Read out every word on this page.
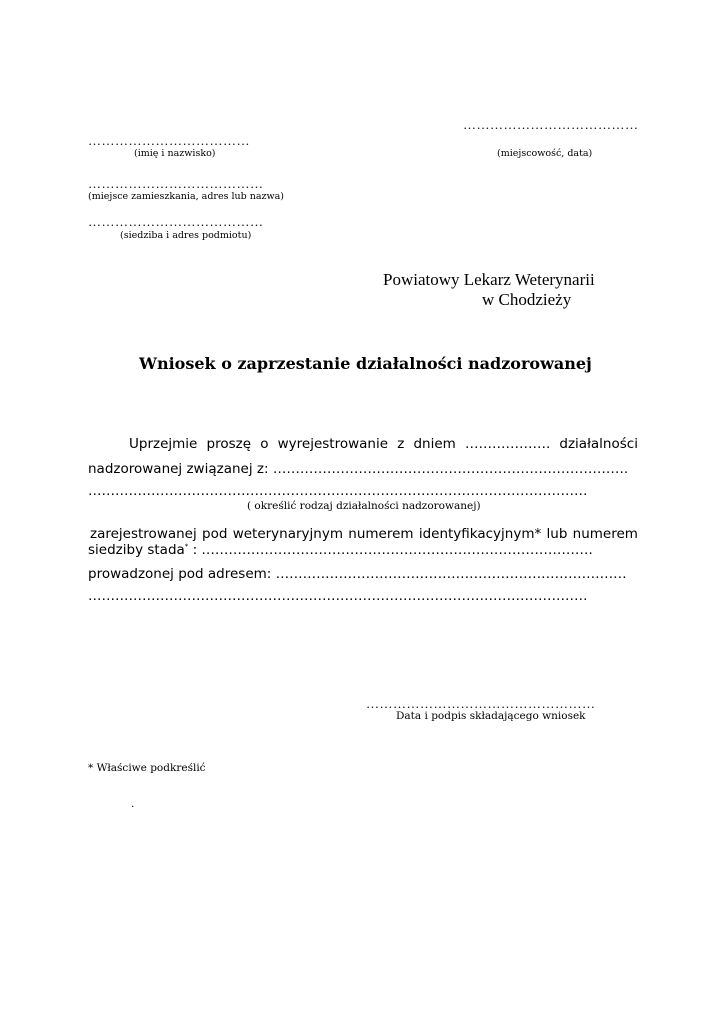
………………………………
(imię i nazwisko)
…………………………………
(miejscowość, data)
…………………………………
(miejsce zamieszkania, adres lub nazwa)
…………………………………
(siedziba i adres podmiotu)
Powiatowy Lekarz Weterynarii
w Chodzieży
Wniosek o zaprzestanie działalności nadzorowanej
Uprzejmie proszę o wyrejestrowanie z dniem ………………. działalności
nadzorowanej związanej z: …………………………………………………………………….
…………………………………………………………………………………………………
( określić rodzaj działalności nadzorowanej)
zarejestrowanej pod weterynaryjnym numerem identyfikacyjnym* lub numerem
siedziby stada* : ……………………………………………………………………………
prowadzonej pod adresem: ……………………………………………………………………
…………………………………………………………………………………………………
……………………………………………
Data i podpis składającego wniosek
* Właściwe podkreślić
.
